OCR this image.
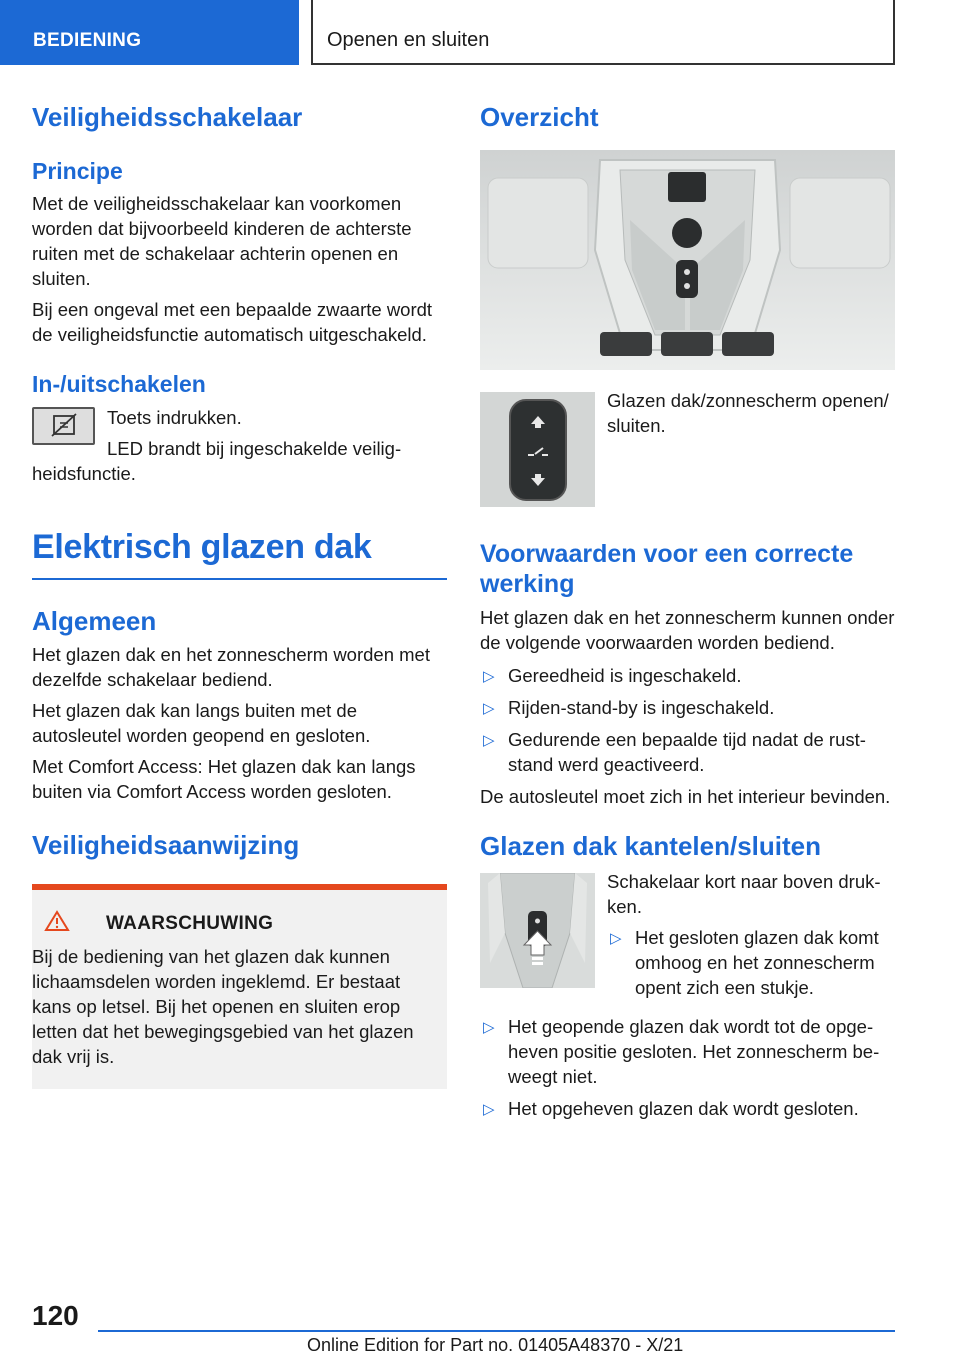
BEDIENING	Openen en sluiten
Veiligheidsschakelaar
Principe

Met de veiligheidsschakelaar kan voorkomen worden dat bijvoorbeeld kinderen de achterste ruiten met de schakelaar achterin openen en sluiten.

Bij een ongeval met een bepaalde zwaarte wordt de veiligheidsfunctie automatisch uitgeschakeld.

In-/uitschakelen

Toets indrukken.

LED brandt bij ingeschakelde veilig-

heidsfunctie.

Elektrisch glazen dak
Algemeen

Het glazen dak en het zonnescherm worden met dezelfde schakelaar bediend.

Het glazen dak kan langs buiten met de autosleutel worden geopend en gesloten.

Met Comfort Access: Het glazen dak kan langs buiten via Comfort Access worden gesloten.

Veiligheidsaanwijzing
WAARSCHUWING

Bij de bediening van het glazen dak kunnen lichaamsdelen worden ingeklemd. Er bestaat kans op letsel. Bij het openen en sluiten erop letten dat het bewegingsgebied van het glazen dak vrij is.

Overzicht

Glazen dak/zonnescherm openen/ sluiten.

Voorwaarden voor een correcte werking

Het glazen dak en het zonnescherm kunnen onder de volgende voorwaarden worden bediend.

▷ Gereedheid is ingeschakeld.
▷ Rijden-stand-by is ingeschakeld.
▷ Gedurende een bepaalde tijd nadat de ruststand werd geactiveerd.

De autosleutel moet zich in het interieur bevinden.

Glazen dak kantelen/sluiten

Schakelaar kort naar boven drukken.

▷ Het gesloten glazen dak komt omhoog en het zonnescherm opent zich een stukje.
▷ Het geopende glazen dak wordt tot de opgeheven positie gesloten. Het zonnescherm beweegt niet.
▷ Het opgeheven glazen dak wordt gesloten.
120
Online Edition for Part no. 01405A48370 - X/21
